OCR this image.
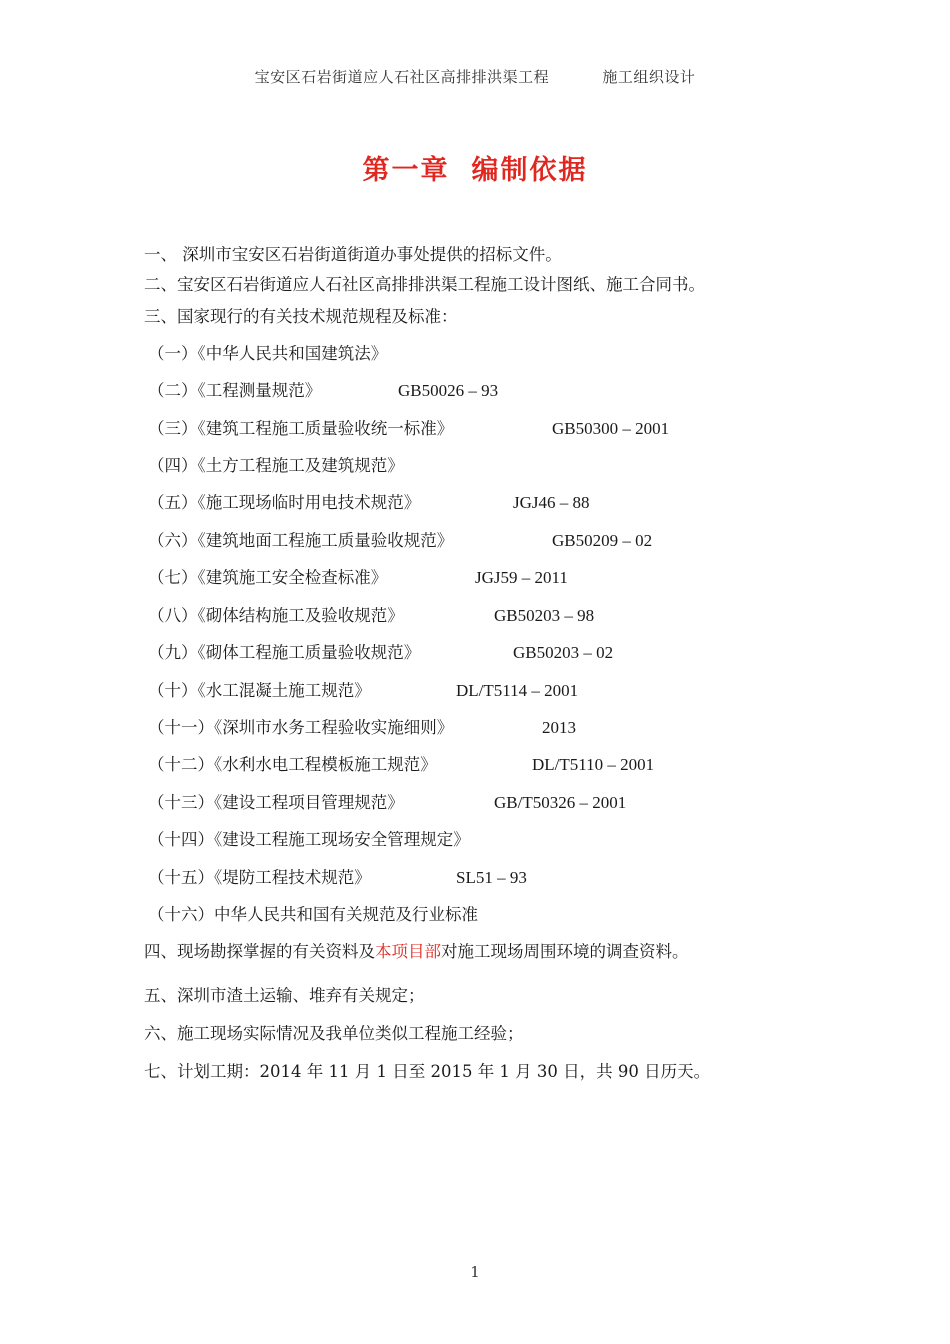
宝安区石岩街道应人石社区高排排洪渠工程	施工组织设计
第一章 编制依据
一、 深圳市宝安区石岩街道街道办事处提供的招标文件。
二、宝安区石岩街道应人石社区高排排洪渠工程施工设计图纸、施工合同书。
三、国家现行的有关技术规范规程及标准：
（一）《中华人民共和国建筑法》
（二）《工程测量规范》	GB50026 – 93
（三）《建筑工程施工质量验收统一标准》	GB50300 – 2001
（四）《土方工程施工及建筑规范》
（五）《施工现场临时用电技术规范》	JGJ46 – 88
（六）《建筑地面工程施工质量验收规范》	GB50209 – 02
（七）《建筑施工安全检查标准》	JGJ59 – 2011
（八）《砌体结构施工及验收规范》	GB50203 – 98
（九）《砌体工程施工质量验收规范》	GB50203 – 02
（十）《水工混凝土施工规范》	DL/T5114 – 2001
（十一）《深圳市水务工程验收实施细则》	2013
（十二）《水利水电工程模板施工规范》	DL/T5110 – 2001
（十三）《建设工程项目管理规范》	GB/T50326 – 2001
（十四）《建设工程施工现场安全管理规定》
（十五）《堤防工程技术规范》	SL51 – 93
（十六）中华人民共和国有关规范及行业标准
四、现场勘探掌握的有关资料及本项目部对施工现场周围环境的调查资料。
五、深圳市渣土运输、堆弃有关规定；
六、施工现场实际情况及我单位类似工程施工经验；
七、计划工期：2014 年 11 月 1 日至 2015 年 1 月 30 日，共 90 日历天。
1
